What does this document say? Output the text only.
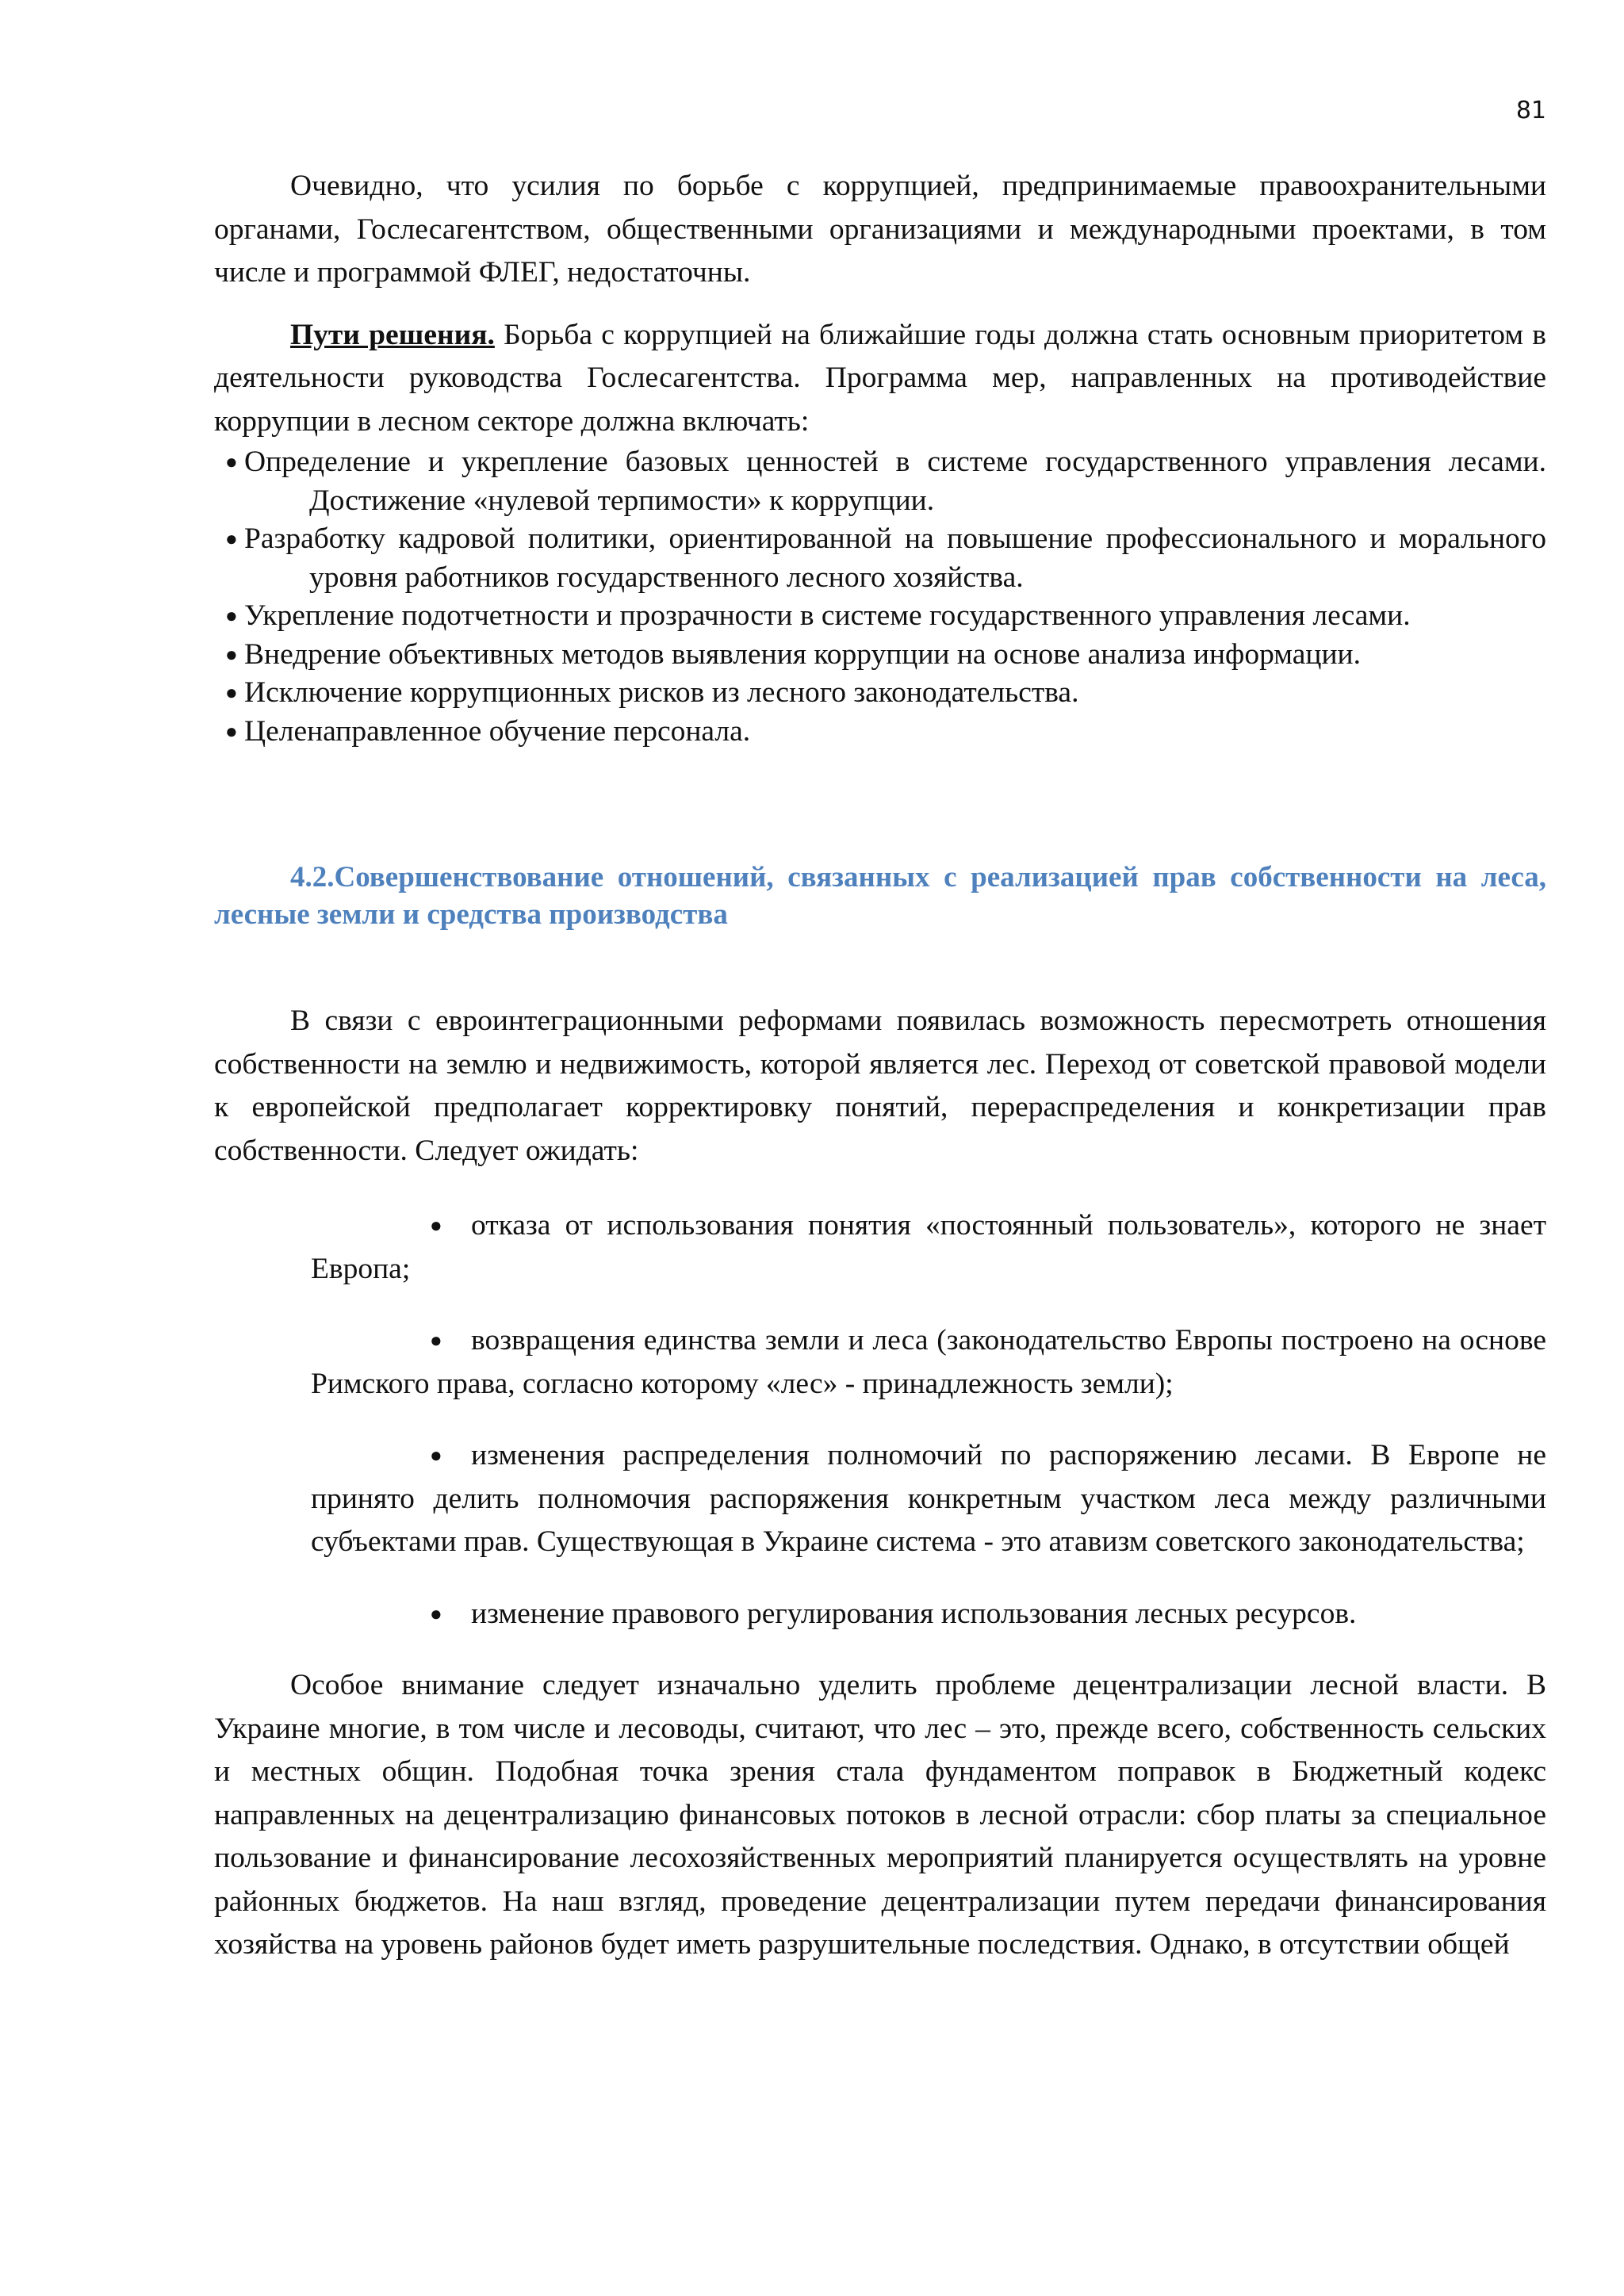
81

Очевидно, что усилия по борьбе с коррупцией, предпринимаемые правоохранительными органами, Гослесагентством, общественными организациями и международными проектами, в том числе и программой ФЛЕГ, недостаточны.

Пути решения. Борьба с коррупцией на ближайшие годы должна стать основным приоритетом в деятельности руководства Гослесагентства. Программа мер, направленных на противодействие коррупции в лесном секторе должна включать:

● Определение и укрепление базовых ценностей в системе государственного управления лесами. Достижение «нулевой терпимости» к коррупции.
● Разработку кадровой политики, ориентированной на повышение профессионального и морального уровня работников государственного лесного хозяйства.
● Укрепление подотчетности и прозрачности в системе государственного управления лесами.
● Внедрение объективных методов выявления коррупции на основе анализа информации.
● Исключение коррупционных рисков из лесного законодательства.
● Целенаправленное обучение персонала.

4.2.Совершенствование отношений, связанных с реализацией прав собственности на леса, лесные земли и средства производства

В связи с евроинтеграционными реформами появилась возможность пересмотреть отношения собственности на землю и недвижимость, которой является лес. Переход от советской правовой модели к европейской предполагает корректировку понятий, перераспределения и конкретизации прав собственности. Следует ожидать:

● отказа от использования понятия «постоянный пользователь», которого не знает Европа;
● возвращения единства земли и леса (законодательство Европы построено на основе Римского права, согласно которому «лес» - принадлежность земли);
● изменения распределения полномочий по распоряжению лесами. В Европе не принято делить полномочия распоряжения конкретным участком леса между различными субъектами прав. Существующая в Украине система - это атавизм советского законодательства;
● изменение правового регулирования использования лесных ресурсов.

Особое внимание следует изначально уделить проблеме децентрализации лесной власти. В Украине многие, в том числе и лесоводы, считают, что лес – это, прежде всего, собственность сельских и местных общин. Подобная точка зрения стала фундаментом поправок в Бюджетный кодекс направленных на децентрализацию финансовых потоков в лесной отрасли: сбор платы за специальное пользование и финансирование лесохозяйственных мероприятий планируется осуществлять на уровне районных бюджетов. На наш взгляд, проведение децентрализации путем передачи финансирования хозяйства на уровень районов будет иметь разрушительные последствия. Однако, в отсутствии общей
